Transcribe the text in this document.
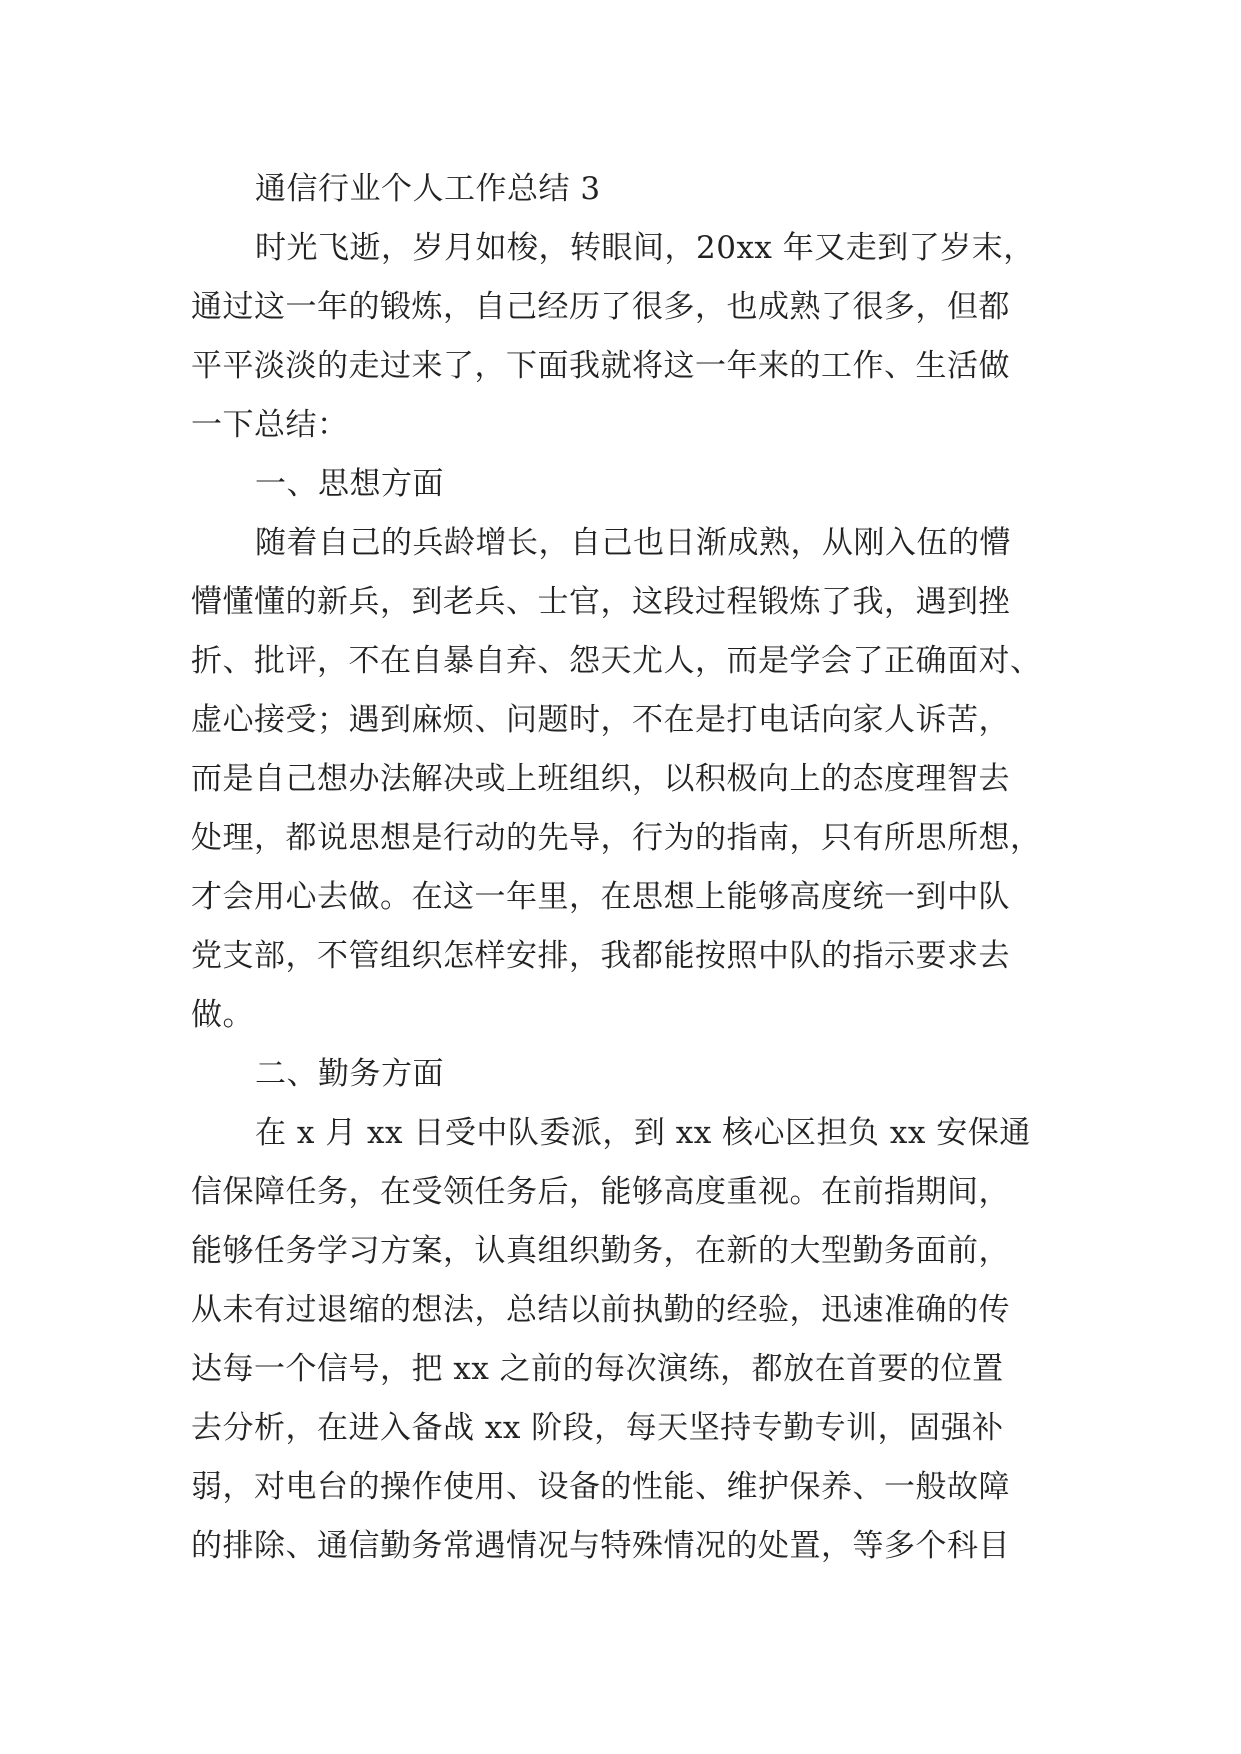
通信行业个人工作总结 3
时光飞逝，岁月如梭，转眼间，20xx 年又走到了岁末，
通过这一年的锻炼，自己经历了很多，也成熟了很多，但都
平平淡淡的走过来了，下面我就将这一年来的工作、生活做
一下总结：
一、思想方面
随着自己的兵龄增长，自己也日渐成熟，从刚入伍的懵
懵懂懂的新兵，到老兵、士官，这段过程锻炼了我，遇到挫
折、批评，不在自暴自弃、怨天尤人，而是学会了正确面对、
虚心接受；遇到麻烦、问题时，不在是打电话向家人诉苦，
而是自己想办法解决或上班组织，以积极向上的态度理智去
处理，都说思想是行动的先导，行为的指南，只有所思所想，
才会用心去做。在这一年里，在思想上能够高度统一到中队
党支部，不管组织怎样安排，我都能按照中队的指示要求去
做。
二、勤务方面
在 x 月 xx 日受中队委派，到 xx 核心区担负 xx 安保通
信保障任务，在受领任务后，能够高度重视。在前指期间，
能够任务学习方案，认真组织勤务，在新的大型勤务面前，
从未有过退缩的想法，总结以前执勤的经验，迅速准确的传
达每一个信号，把 xx 之前的每次演练，都放在首要的位置
去分析，在进入备战 xx 阶段，每天坚持专勤专训，固强补
弱，对电台的操作使用、设备的性能、维护保养、一般故障
的排除、通信勤务常遇情况与特殊情况的处置，等多个科目
